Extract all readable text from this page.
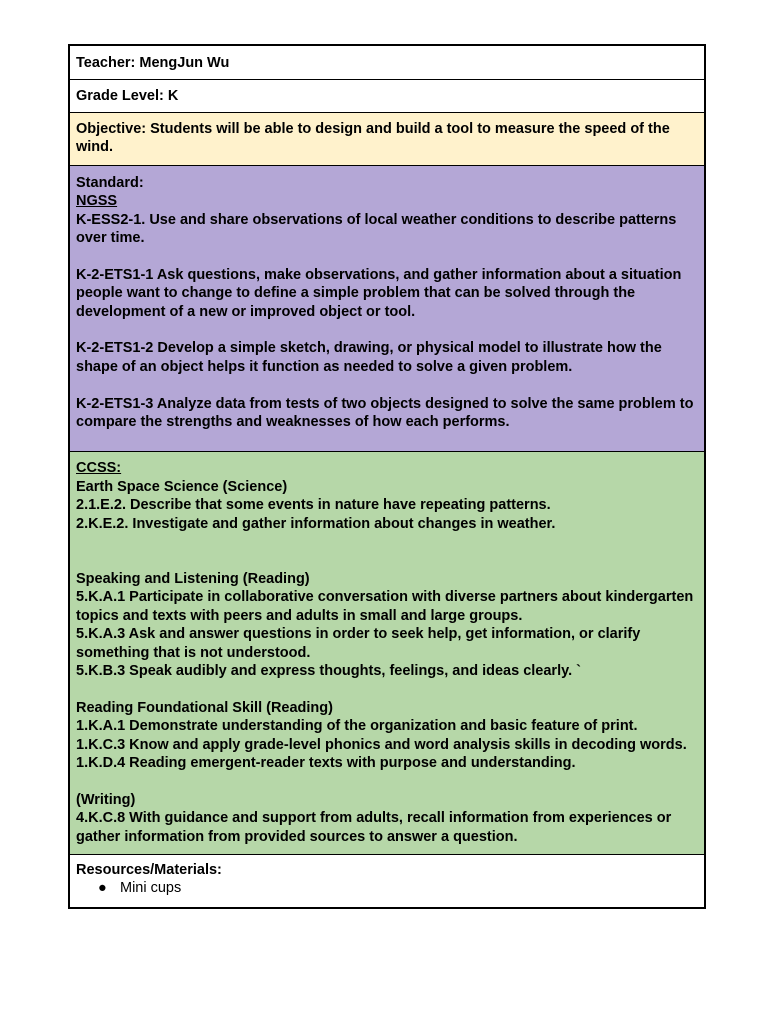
Teacher: MengJun Wu

Grade Level: K

Objective: Students will be able to design and build a tool to measure the speed of the wind.

Standard:

NGSS

K-ESS2-1. Use and share observations of local weather conditions to describe patterns over time.

K-2-ETS1-1 Ask questions, make observations, and gather information about a situation people want to change to define a simple problem that can be solved through the development of a new or improved object or tool.

K-2-ETS1-2 Develop a simple sketch, drawing, or physical model to illustrate how the shape of an object helps it function as needed to solve a given problem.

K-2-ETS1-3 Analyze data from tests of two objects designed to solve the same problem to compare the strengths and weaknesses of how each performs.

CCSS:

Earth Space Science (Science)

2.1.E.2. Describe that some events in nature have repeating patterns.

2.K.E.2. Investigate and gather information about changes in weather.

Speaking and Listening (Reading)

5.K.A.1 Participate in collaborative conversation with diverse partners about kindergarten topics and texts with peers and adults in small and large groups.

5.K.A.3 Ask and answer questions in order to seek help, get information, or clarify something that is not understood.

5.K.B.3 Speak audibly and express thoughts, feelings, and ideas clearly. `

Reading Foundational Skill (Reading)

1.K.A.1 Demonstrate understanding of the organization and basic feature of print.

1.K.C.3 Know and apply grade-level phonics and word analysis skills in decoding words.

1.K.D.4 Reading emergent-reader texts with purpose and understanding.

(Writing)

4.K.C.8 With guidance and support from adults, recall information from experiences or gather information from provided sources to answer a question.

Resources/Materials:

● Mini cups
